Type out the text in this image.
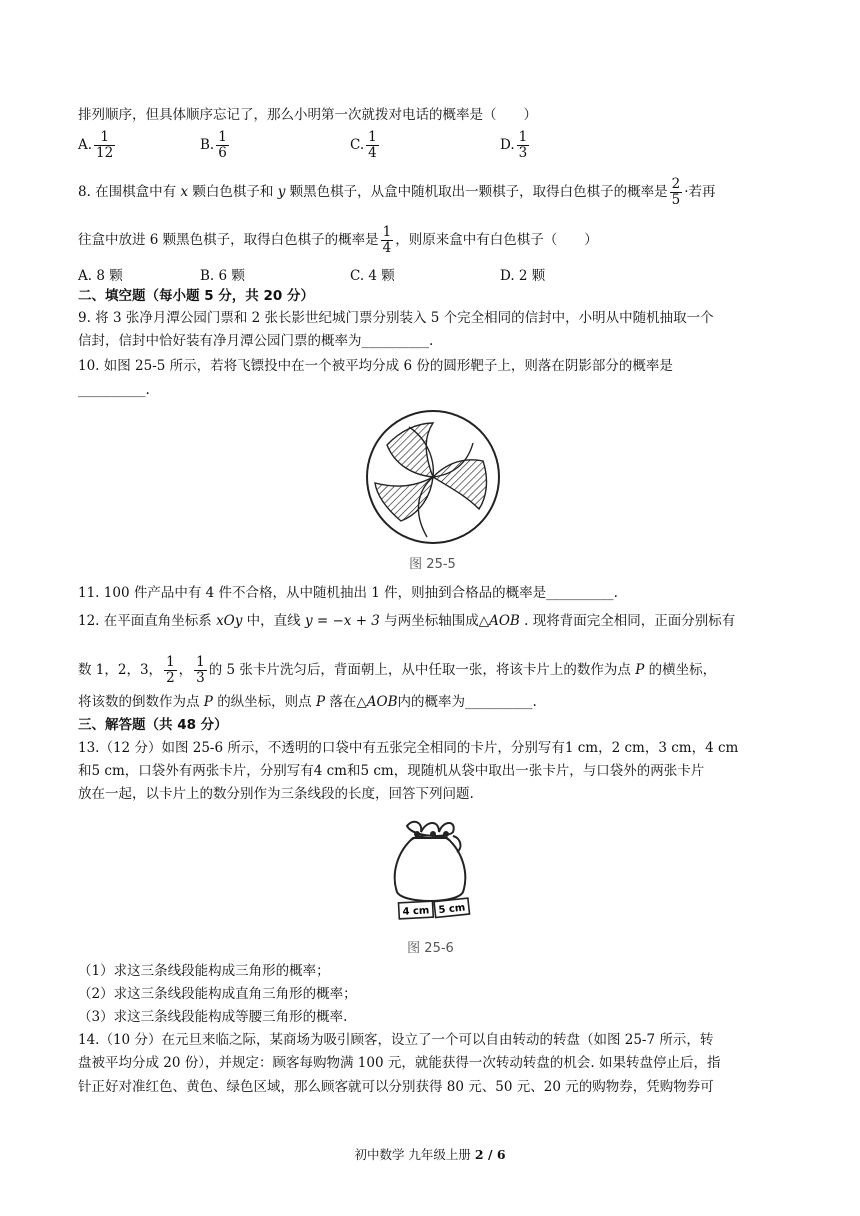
排列顺序，但具体顺序忘记了，那么小明第一次就拨对电话的概率是（　　）
A. $\frac{1}{12}$	B. $\frac{1}{6}$	C. $\frac{1}{4}$	D. $\frac{1}{3}$
8. 在围棋盒中有 x 颗白色棋子和 y 颗黑色棋子，从盒中随机取出一颗棋子，取得白色棋子的概率是 $\frac{2}{5}$ ·若再
往盒中放进 6 颗黑色棋子，取得白色棋子的概率是 $\frac{1}{4}$ ，则原来盒中有白色棋子（　　）
A. 8 颗	B. 6 颗	C. 4 颗	D. 2 颗
二、填空题（每小题 5 分，共 20 分）
9. 将 3 张净月潭公园门票和 2 张长影世纪城门票分别装入 5 个完全相同的信封中，小明从中随机抽取一个
信封，信封中恰好装有净月潭公园门票的概率为__________.
10. 如图 25-5 所示，若将飞镖投中在一个被平均分成 6 份的圆形靶子上，则落在阴影部分的概率是
__________.
图 25-5
11. 100 件产品中有 4 件不合格，从中随机抽出 1 件，则抽到合格品的概率是__________.
12. 在平面直角坐标系 xOy 中，直线 y = −x + 3 与两坐标轴围成△AOB . 现将背面完全相同，正面分别标有
数 1，2，3， $\frac{1}{2}$ ， $\frac{1}{3}$ 的 5 张卡片洗匀后，背面朝上，从中任取一张，将该卡片上的数作为点 P 的横坐标，
将该数的倒数作为点 P 的纵坐标，则点 P 落在△AOB内的概率为__________.
三、解答题（共 48 分）
13.（12 分）如图 25-6 所示，不透明的口袋中有五张完全相同的卡片，分别写有1 cm，2 cm，3 cm，4 cm
和5 cm，口袋外有两张卡片，分别写有4 cm和5 cm，现随机从袋中取出一张卡片，与口袋外的两张卡片
放在一起，以卡片上的数分别作为三条线段的长度，回答下列问题.
4 cm 5 cm
图 25-6
（1）求这三条线段能构成三角形的概率；
（2）求这三条线段能构成直角三角形的概率；
（3）求这三条线段能构成等腰三角形的概率.
14.（10 分）在元旦来临之际，某商场为吸引顾客，设立了一个可以自由转动的转盘（如图 25-7 所示，转
盘被平均分成 20 份），并规定：顾客每购物满 100 元，就能获得一次转动转盘的机会. 如果转盘停止后，指
针正好对准红色、黄色、绿色区域，那么顾客就可以分别获得 80 元、50 元、20 元的购物券，凭购物券可
初中数学 九年级上册 2 / 6
